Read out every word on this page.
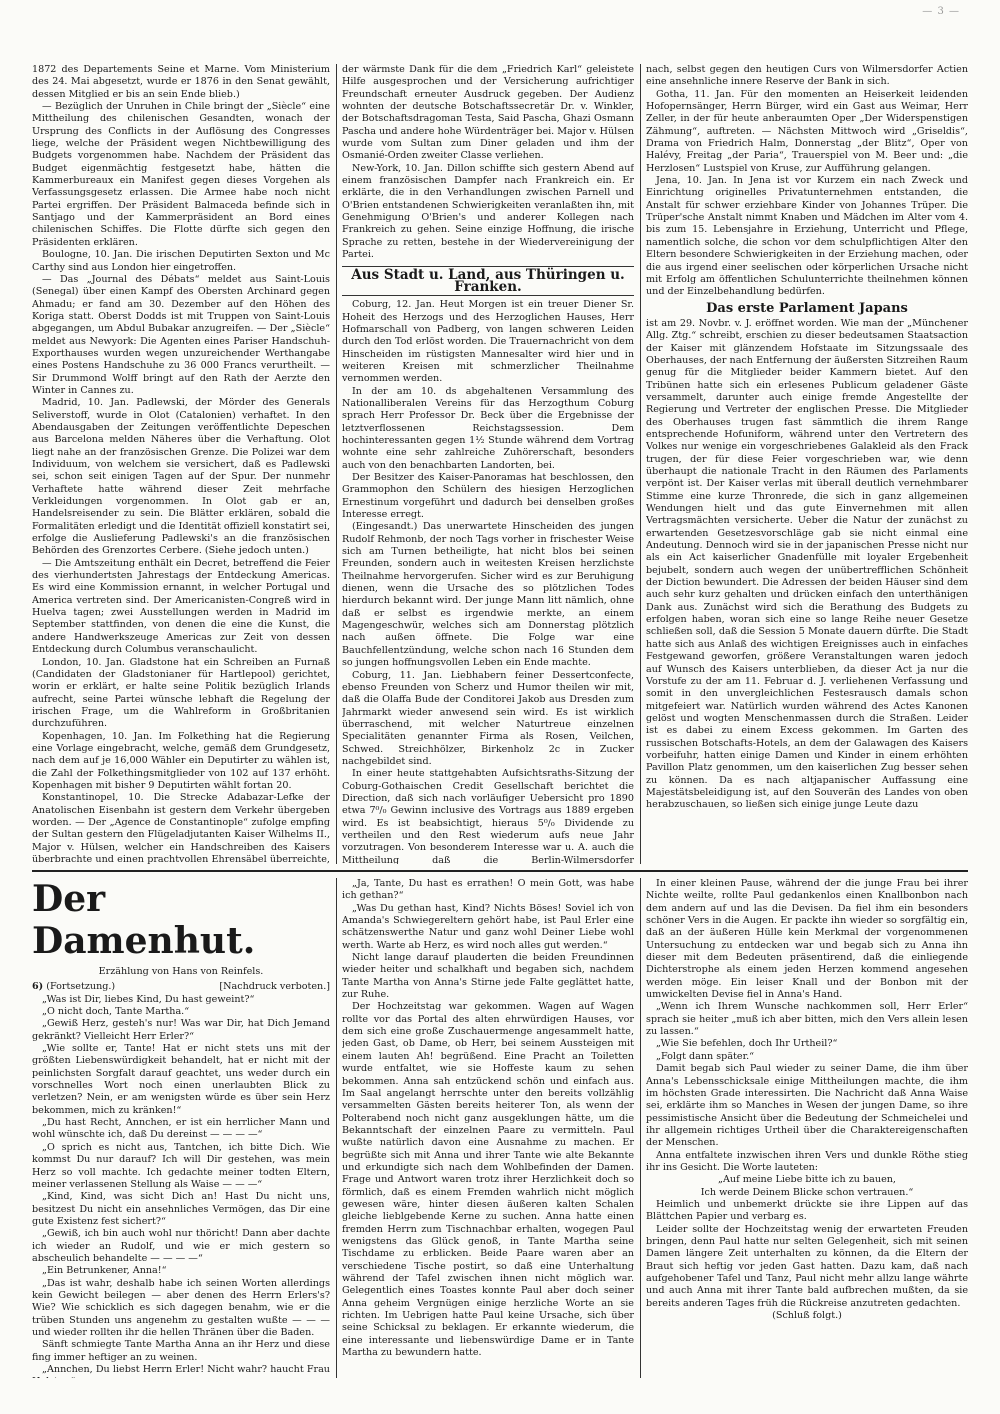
— 3 —

1872 des Departements Seine et Marne. Vom Ministerium des 24. Mai abgesetzt, wurde er 1876 in den Senat gewählt, dessen Mitglied er bis an sein Ende blieb.)

— Bezüglich der Unruhen in Chile bringt der „Siècle“ eine Mittheilung des chilenischen Gesandten, wonach der Ursprung des Conflicts in der Auflösung des Congresses liege, welche der Präsident wegen Nichtbewilligung des Budgets vorgenommen habe. Nachdem der Präsident das Budget eigenmächtig festgesetzt habe, hätten die Kammerbureaux ein Manifest gegen dieses Vorgehen als Verfassungsgesetz erlassen. Die Armee habe noch nicht Partei ergriffen. Der Präsident Balmaceda befinde sich in Santjago und der Kammerpräsident an Bord eines chilenischen Schiffes. Die Flotte dürfte sich gegen den Präsidenten erklären.

Boulogne, 10. Jan. Die irischen Deputirten Sexton und Mc Carthy sind aus London hier eingetroffen.

— Das „Journal des Débats“ meldet aus Saint-Louis (Senegal) über einen Kampf des Obersten Archinard gegen Ahmadu; er fand am 30. Dezember auf den Höhen des Koriga statt. Oberst Dodds ist mit Truppen von Saint-Louis abgegangen, um Abdul Bubakar anzugreifen. — Der „Siècle“ meldet aus Newyork: Die Agenten eines Pariser Handschuh-Exporthauses wurden wegen unzureichender Werthangabe eines Postens Handschuhe zu 36 000 Francs verurtheilt. — Sir Drummond Wolff bringt auf den Rath der Aerzte den Winter in Cannes zu.

Madrid, 10. Jan. Padlewski, der Mörder des Generals Seliverstoff, wurde in Olot (Catalonien) verhaftet. In den Abendausgaben der Zeitungen veröffentlichte Depeschen aus Barcelona melden Näheres über die Verhaftung. Olot liegt nahe an der französischen Grenze. Die Polizei war dem Individuum, von welchem sie versichert, daß es Padlewski sei, schon seit einigen Tagen auf der Spur. Der nunmehr Verhaftete hatte während dieser Zeit mehrfache Verkleidungen vorgenommen. In Olot gab er an, Handelsreisender zu sein. Die Blätter erklären, sobald die Formalitäten erledigt und die Identität offiziell konstatirt sei, erfolge die Auslieferung Padlewski's an die französischen Behörden des Grenzortes Cerbere. (Siehe jedoch unten.)

— Die Amtszeitung enthält ein Decret, betreffend die Feier des vierhundertsten Jahrestags der Entdeckung Americas. Es wird eine Kommission ernannt, in welcher Portugal und America vertreten sind. Der Americanisten-Congreß wird in Huelva tagen; zwei Ausstellungen werden in Madrid im September stattfinden, von denen die eine die Kunst, die andere Handwerkszeuge Americas zur Zeit von dessen Entdeckung durch Columbus veranschaulicht.

London, 10. Jan. Gladstone hat ein Schreiben an Furnaß (Candidaten der Gladstonianer für Hartlepool) gerichtet, worin er erklärt, er halte seine Politik bezüglich Irlands aufrecht, seine Partei wünsche lebhaft die Regelung der irischen Frage, um die Wahlreform in Großbritanien durchzuführen.

Kopenhagen, 10. Jan. Im Folkething hat die Regierung eine Vorlage eingebracht, welche, gemäß dem Grundgesetz, nach dem auf je 16,000 Wähler ein Deputirter zu wählen ist, die Zahl der Folkethingsmitglieder von 102 auf 137 erhöht. Kopenhagen mit bisher 9 Deputirten wählt fortan 20.

Konstantinopel, 10. Die Strecke Adabazar-Lefke der Anatolischen Eisenbahn ist gestern dem Verkehr übergeben worden. — Der „Agence de Constantinople“ zufolge empfing der Sultan gestern den Flügeladjutanten Kaiser Wilhelms II., Major v. Hülsen, welcher ein Handschreiben des Kaisers überbrachte und einen prachtvollen Ehrensäbel überreichte,

der wärmste Dank für die dem „Friedrich Karl“ geleistete Hilfe ausgesprochen und der Versicherung aufrichtiger Freundschaft erneuter Ausdruck gegeben. Der Audienz wohnten der deutsche Botschaftssecretär Dr. v. Winkler, der Botschaftsdragoman Testa, Said Pascha, Ghazi Osmann Pascha und andere hohe Würdenträger bei. Major v. Hülsen wurde vom Sultan zum Diner geladen und ihm der Osmanié-Orden zweiter Classe verliehen.

New-York, 10. Jan. Dillon schiffte sich gestern Abend auf einem französischen Dampfer nach Frankreich ein. Er erklärte, die in den Verhandlungen zwischen Parnell und O'Brien entstandenen Schwierigkeiten veranlaßten ihn, mit Genehmigung O'Brien's und anderer Kollegen nach Frankreich zu gehen. Seine einzige Hoffnung, die irische Sprache zu retten, bestehe in der Wiedervereinigung der Partei.

Aus Stadt u. Land, aus Thüringen u. Franken.

Coburg, 12. Jan. Heut Morgen ist ein treuer Diener Sr. Hoheit des Herzogs und des Herzoglichen Hauses, Herr Hofmarschall von Padberg, von langen schweren Leiden durch den Tod erlöst worden. Die Trauernachricht von dem Hinscheiden im rüstigsten Mannesalter wird hier und in weiteren Kreisen mit schmerzlicher Theilnahme vernommen werden.

In der am 10. ds abgehaltenen Versammlung des Nationalliberalen Vereins für das Herzogthum Coburg sprach Herr Professor Dr. Beck über die Ergebnisse der letztverflossenen Reichstagssession. Dem hochinteressanten gegen 1½ Stunde während dem Vortrag wohnte eine sehr zahlreiche Zuhörerschaft, besonders auch von den benachbarten Landorten, bei.

Der Besitzer des Kaiser-Panoramas hat beschlossen, den Grammophon den Schülern des hiesigen Herzoglichen Ernestinum vorgeführt und dadurch bei denselben großes Interesse erregt.

(Eingesandt.) Das unerwartete Hinscheiden des jungen Rudolf Rehmonb, der noch Tags vorher in frischester Weise sich am Turnen betheiligte, hat nicht blos bei seinen Freunden, sondern auch in weitesten Kreisen herzlichste Theilnahme hervorgerufen. Sicher wird es zur Beruhigung dienen, wenn die Ursache des so plötzlichen Todes hierdurch bekannt wird. Der junge Mann litt nämlich, ohne daß er selbst es irgendwie merkte, an einem Magengeschwür, welches sich am Donnerstag plötzlich nach außen öffnete. Die Folge war eine Bauchfellentzündung, welche schon nach 16 Stunden dem so jungen hoffnungsvollen Leben ein Ende machte.

Coburg, 11. Jan. Liebhabern feiner Dessertconfecte, ebenso Freunden von Scherz und Humor theilen wir mit, daß die Olaffa Bude der Conditorei Jakob aus Dresden zum Jahrmarkt wieder anwesend sein wird. Es ist wirklich überraschend, mit welcher Naturtreue einzelnen Specialitäten genannter Firma als Rosen, Veilchen, Schwed. Streichhölzer, Birkenholz 2c in Zucker nachgebildet sind.

In einer heute stattgehabten Aufsichtsraths-Sitzung der Coburg-Gothaischen Credit Gesellschaft berichtet die Direction, daß sich nach vorläufiger Uebersicht pro 1890 etwa 7⁰/₀ Gewinn inclusive des Vortrags aus 1889 ergeben wird. Es ist beabsichtigt, hieraus 5⁰/₀ Dividende zu vertheilen und den Rest wiederum aufs neue Jahr vorzutragen. Von besonderem Interesse war u. A. auch die Mittheilung daß die Berlin-Wilmersdorfer

nach, selbst gegen den heutigen Curs von Wilmersdorfer Actien eine ansehnliche innere Reserve der Bank in sich.

Gotha, 11. Jan. Für den momenten an Heiserkeit leidenden Hofopernsänger, Herrn Bürger, wird ein Gast aus Weimar, Herr Zeller, in der für heute anberaumten Oper „Der Widerspenstigen Zähmung“, auftreten. — Nächsten Mittwoch wird „Griseldis“, Drama von Friedrich Halm, Donnerstag „der Blitz“, Oper von Halévy, Freitag „der Paria“, Trauerspiel von M. Beer und: „die Herzlosen“ Lustspiel von Kruse, zur Aufführung gelangen.

Jena, 10. Jan. In Jena ist vor Kurzem ein nach Zweck und Einrichtung originelles Privatunternehmen entstanden, die Anstalt für schwer erziehbare Kinder von Johannes Trüper. Die Trüper'sche Anstalt nimmt Knaben und Mädchen im Alter vom 4. bis zum 15. Lebensjahre in Erziehung, Unterricht und Pflege, namentlich solche, die schon vor dem schulpflichtigen Alter den Eltern besondere Schwierigkeiten in der Erziehung machen, oder die aus irgend einer seelischen oder körperlichen Ursache nicht mit Erfolg am öffentlichen Schulunterrichte theilnehmen können und der Einzelbehandlung bedürfen.

Das erste Parlament Japans

ist am 29. Novbr. v. J. eröffnet worden. Wie man der „Münchener Allg. Ztg.“ schreibt, erschien zu dieser bedeutsamen Staatsaction der Kaiser mit glänzendem Hofstaate im Sitzungssaale des Oberhauses, der nach Entfernung der äußersten Sitzreihen Raum genug für die Mitglieder beider Kammern bietet. Auf den Tribünen hatte sich ein erlesenes Publicum geladener Gäste versammelt, darunter auch einige fremde Angestellte der Regierung und Vertreter der englischen Presse. Die Mitglieder des Oberhauses trugen fast sämmtlich die ihrem Range entsprechende Hofuniform, während unter den Vertretern des Volkes nur wenige ein vorgeschriebenes Galakleid als den Frack trugen, der für diese Feier vorgeschrieben war, wie denn überhaupt die nationale Tracht in den Räumen des Parlaments verpönt ist. Der Kaiser verlas mit überall deutlich vernehmbarer Stimme eine kurze Thronrede, die sich in ganz allgemeinen Wendungen hielt und das gute Einvernehmen mit allen Vertragsmächten versicherte. Ueber die Natur der zunächst zu erwartenden Gesetzesvorschläge gab sie nicht einmal eine Andeutung. Dennoch wird sie in der japanischen Presse nicht nur als ein Act kaiserlicher Gnadenfülle mit loyaler Ergebenheit bejubelt, sondern auch wegen der unübertrefflichen Schönheit der Diction bewundert. Die Adressen der beiden Häuser sind dem auch sehr kurz gehalten und drücken einfach den unterthänigen Dank aus. Zunächst wird sich die Berathung des Budgets zu erfolgen haben, woran sich eine so lange Reihe neuer Gesetze schließen soll, daß die Session 5 Monate dauern dürfte. Die Stadt hatte sich aus Anlaß des wichtigen Ereignisses auch in einfaches Festgewand geworfen, größere Veranstaltungen waren jedoch auf Wunsch des Kaisers unterblieben, da dieser Act ja nur die Vorstufe zu der am 11. Februar d. J. verliehenen Verfassung und somit in den unvergleichlichen Festesrausch damals schon mitgefeiert war. Natürlich wurden während des Actes Kanonen gelöst und wogten Menschenmassen durch die Straßen. Leider ist es dabei zu einem Excess gekommen. Im Garten des russischen Botschafts-Hotels, an dem der Galawagen des Kaisers vorbeifuhr, hatten einige Damen und Kinder in einem erhöhten Pavillon Platz genommen, um den kaiserlichen Zug besser sehen zu können. Da es nach altjapanischer Auffassung eine Majestätsbeleidigung ist, auf den Souverän des Landes von oben herabzuschauen, so ließen sich einige junge Leute dazu

Der Damenhut.
Erzählung von Hans von Reinfels.

6) (Fortsetzung.)	[Nachdruck verboten.]

„Was ist Dir, liebes Kind, Du hast geweint?“

„O nicht doch, Tante Martha.“

„Gewiß Herz, gesteh's nur! Was war Dir, hat Dich Jemand gekränkt? Vielleicht Herr Erler?“

„Wie sollte er, Tante! Hat er nicht stets uns mit der größten Liebenswürdigkeit behandelt, hat er nicht mit der peinlichsten Sorgfalt darauf geachtet, uns weder durch ein vorschnelles Wort noch einen unerlaubten Blick zu verletzen? Nein, er am wenigsten würde es über sein Herz bekommen, mich zu kränken!“

„Du hast Recht, Annchen, er ist ein herrlicher Mann und wohl wünschte ich, daß Du dereinst — — — —“

„O sprich es nicht aus, Tantchen, ich bitte Dich. Wie kommst Du nur darauf? Ich will Dir gestehen, was mein Herz so voll machte. Ich gedachte meiner todten Eltern, meiner verlassenen Stellung als Waise — — —“

„Kind, Kind, was sicht Dich an! Hast Du nicht uns, besitzest Du nicht ein ansehnliches Vermögen, das Dir eine gute Existenz fest sichert?“

„Gewiß, ich bin auch wohl nur thöricht! Dann aber dachte ich wieder an Rudolf, und wie er mich gestern so abscheulich behandelte — — — —“

„Ein Betrunkener, Anna!“

„Das ist wahr, deshalb habe ich seinen Worten allerdings kein Gewicht beilegen — aber denen des Herrn Erlers's? Wie? Wie schicklich es sich dagegen benahm, wie er die trüben Stunden uns angenehm zu gestalten wußte — — — und wieder rollten ihr die hellen Thränen über die Baden.

Sänft schmiegte Tante Martha Anna an ihr Herz und diese fing immer heftiger an zu weinen.

„Annchen, Du liebst Herrn Erler! Nicht wahr? haucht Frau

„Ja, Tante, Du hast es errathen! O mein Gott, was habe ich gethan?“

„Was Du gethan hast, Kind? Nichts Böses! Soviel ich von Amanda's Schwiegereltern gehört habe, ist Paul Erler eine schätzenswerthe Natur und ganz wohl Deiner Liebe wohl werth. Warte ab Herz, es wird noch alles gut werden.“

Nicht lange darauf plauderten die beiden Freundinnen wieder heiter und schalkhaft und begaben sich, nachdem Tante Martha von Anna's Stirne jede Falte geglättet hatte, zur Ruhe.

Der Hochzeitstag war gekommen. Wagen auf Wagen rollte vor das Portal des alten ehrwürdigen Hauses, vor dem sich eine große Zuschauermenge angesammelt hatte, jeden Gast, ob Dame, ob Herr, bei seinem Aussteigen mit einem lauten Ah! begrüßend. Eine Pracht an Toiletten wurde entfaltet, wie sie Hoffeste kaum zu sehen bekommen. Anna sah entzückend schön und einfach aus. Im Saal angelangt herrschte unter den bereits vollzählig versammelten Gästen bereits heiterer Ton, als wenn der Polterabend noch nicht ganz ausgeklungen hätte, um die Bekanntschaft der einzelnen Paare zu vermitteln. Paul wußte natürlich davon eine Ausnahme zu machen. Er begrüßte sich mit Anna und ihrer Tante wie alte Bekannte und erkundigte sich nach dem Wohlbefinden der Damen. Frage und Antwort waren trotz ihrer Herzlichkeit doch so förmlich, daß es einem Fremden wahrlich nicht möglich gewesen wäre, hinter diesen äußeren kalten Schalen gleiche lieblgebende Kerne zu suchen. Anna hatte einen fremden Herrn zum Tischnachbar erhalten, wogegen Paul wenigstens das Glück genoß, in Tante Martha seine Tischdame zu erblicken. Beide Paare waren aber an verschiedene Tische postirt, so daß eine Unterhaltung während der Tafel zwischen ihnen nicht möglich war. Gelegentlich eines Toastes konnte Paul aber doch seiner Anna geheim Vergnügen einige herzliche Worte an sie richten. Im Uebrigen hatte Paul keine Ursache, sich über seine Schicksal zu beklagen. Er erkannte wiederum, die eine interessante und liebenswürdige Dame er in Tante Martha zu bewundern hatte.

In einer kleinen Pause, während der die junge Frau bei ihrer Nichte weilte, rollte Paul gedankenlos einen Knallbonbon nach dem andern auf und las die Devisen. Da fiel ihm ein besonders schöner Vers in die Augen. Er packte ihn wieder so sorgfältig ein, daß an der äußeren Hülle kein Merkmal der vorgenommenen Untersuchung zu entdecken war und begab sich zu Anna ihn dieser mit dem Bedeuten präsentirend, daß die einliegende Dichterstrophe als einem jeden Herzen kommend angesehen werden möge. Ein leiser Knall und der Bonbon mit der umwickelten Devise fiel in Anna's Hand.

„Wenn ich Ihrem Wunsche nachkommen soll, Herr Erler“ sprach sie heiter „muß ich aber bitten, mich den Vers allein lesen zu lassen.“

„Wie Sie befehlen, doch Ihr Urtheil?“

„Folgt dann später.“

Damit begab sich Paul wieder zu seiner Dame, die ihm über Anna's Lebensschicksale einige Mittheilungen machte, die ihm im höchsten Grade interessirten. Die Nachricht daß Anna Waise sei, erklärte ihm so Manches in Wesen der jungen Dame, so ihre pessimistische Ansicht über die Bedeutung der Schmeichelei und ihr allgemein richtiges Urtheil über die Charaktereigenschaften der Menschen.

Anna entfaltete inzwischen ihren Vers und dunkle Röthe stieg ihr ins Gesicht. Die Worte lauteten:

„Auf meine Liebe bitte ich zu bauen,

Ich werde Deinem Blicke schon vertrauen.“

Heimlich und unbemerkt drückte sie ihre Lippen auf das Blättchen Papier und verbarg es.

Leider sollte der Hochzeitstag wenig der erwarteten Freuden bringen, denn Paul hatte nur selten Gelegenheit, sich mit seinen Damen längere Zeit unterhalten zu können, da die Eltern der Braut sich heftig vor jeden Gast hatten. Dazu kam, daß nach aufgehobener Tafel und Tanz, Paul nicht mehr allzu lange währte und auch Anna mit ihrer Tante bald aufbrechen mußten, da sie bereits anderen Tages früh die Rückreise anzutreten gedachten.

(Schluß folgt.)
